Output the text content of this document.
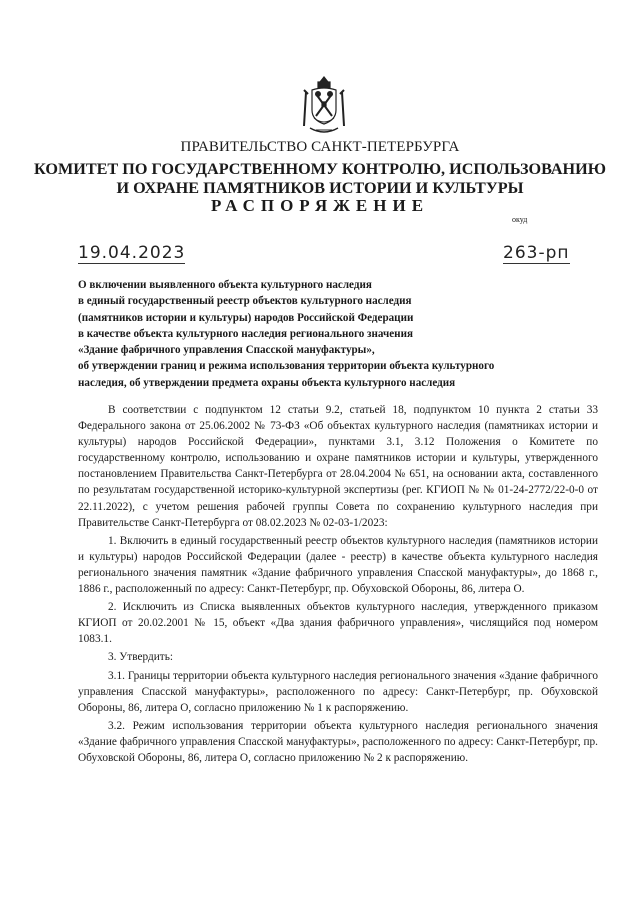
ПРАВИТЕЛЬСТВО САНКТ-ПЕТЕРБУРГА
КОМИТЕТ ПО ГОСУДАРСТВЕННОМУ КОНТРОЛЮ, ИСПОЛЬЗОВАНИЮ
И ОХРАНЕ ПАМЯТНИКОВ ИСТОРИИ И КУЛЬТУРЫ
РАСПОРЯЖЕНИЕ
окуд
19.04.2023	263-рп
О включении выявленного объекта культурного наследия
в единый государственный реестр объектов культурного наследия
(памятников истории и культуры) народов Российской Федерации
в качестве объекта культурного наследия регионального значения
«Здание фабричного управления Спасской мануфактуры»,
об утверждении границ и режима использования территории объекта культурного
наследия, об утверждении предмета охраны объекта культурного наследия

В соответствии с подпунктом 12 статьи 9.2, статьей 18, подпунктом 10 пункта 2 статьи 33 Федерального закона от 25.06.2002 № 73-ФЗ «Об объектах культурного наследия (памятниках истории и культуры) народов Российской Федерации», пунктами 3.1, 3.12 Положения о Комитете по государственному контролю, использованию и охране памятников истории и культуры, утвержденного постановлением Правительства Санкт-Петербурга от 28.04.2004 № 651, на основании акта, составленного по результатам государственной историко-культурной экспертизы (рег. КГИОП № № 01-24-2772/22-0-0 от 22.11.2022), с учетом решения рабочей группы Совета по сохранению культурного наследия при Правительстве Санкт-Петербурга от 08.02.2023 № 02-03-1/2023:

1. Включить в единый государственный реестр объектов культурного наследия (памятников истории и культуры) народов Российской Федерации (далее - реестр) в качестве объекта культурного наследия регионального значения памятник «Здание фабричного управления Спасской мануфактуры», до 1868 г., 1886 г., расположенный по адресу: Санкт-Петербург, пр. Обуховской Обороны, 86, литера О.

2. Исключить из Списка выявленных объектов культурного наследия, утвержденного приказом КГИОП от 20.02.2001 № 15, объект «Два здания фабричного управления», числящийся под номером 1083.1.

3. Утвердить:

3.1. Границы территории объекта культурного наследия регионального значения «Здание фабричного управления Спасской мануфактуры», расположенного по адресу: Санкт-Петербург, пр. Обуховской Обороны, 86, литера О, согласно приложению № 1 к распоряжению.

3.2. Режим использования территории объекта культурного наследия регионального значения «Здание фабричного управления Спасской мануфактуры», расположенного по адресу: Санкт-Петербург, пр. Обуховской Обороны, 86, литера О, согласно приложению № 2 к распоряжению.
